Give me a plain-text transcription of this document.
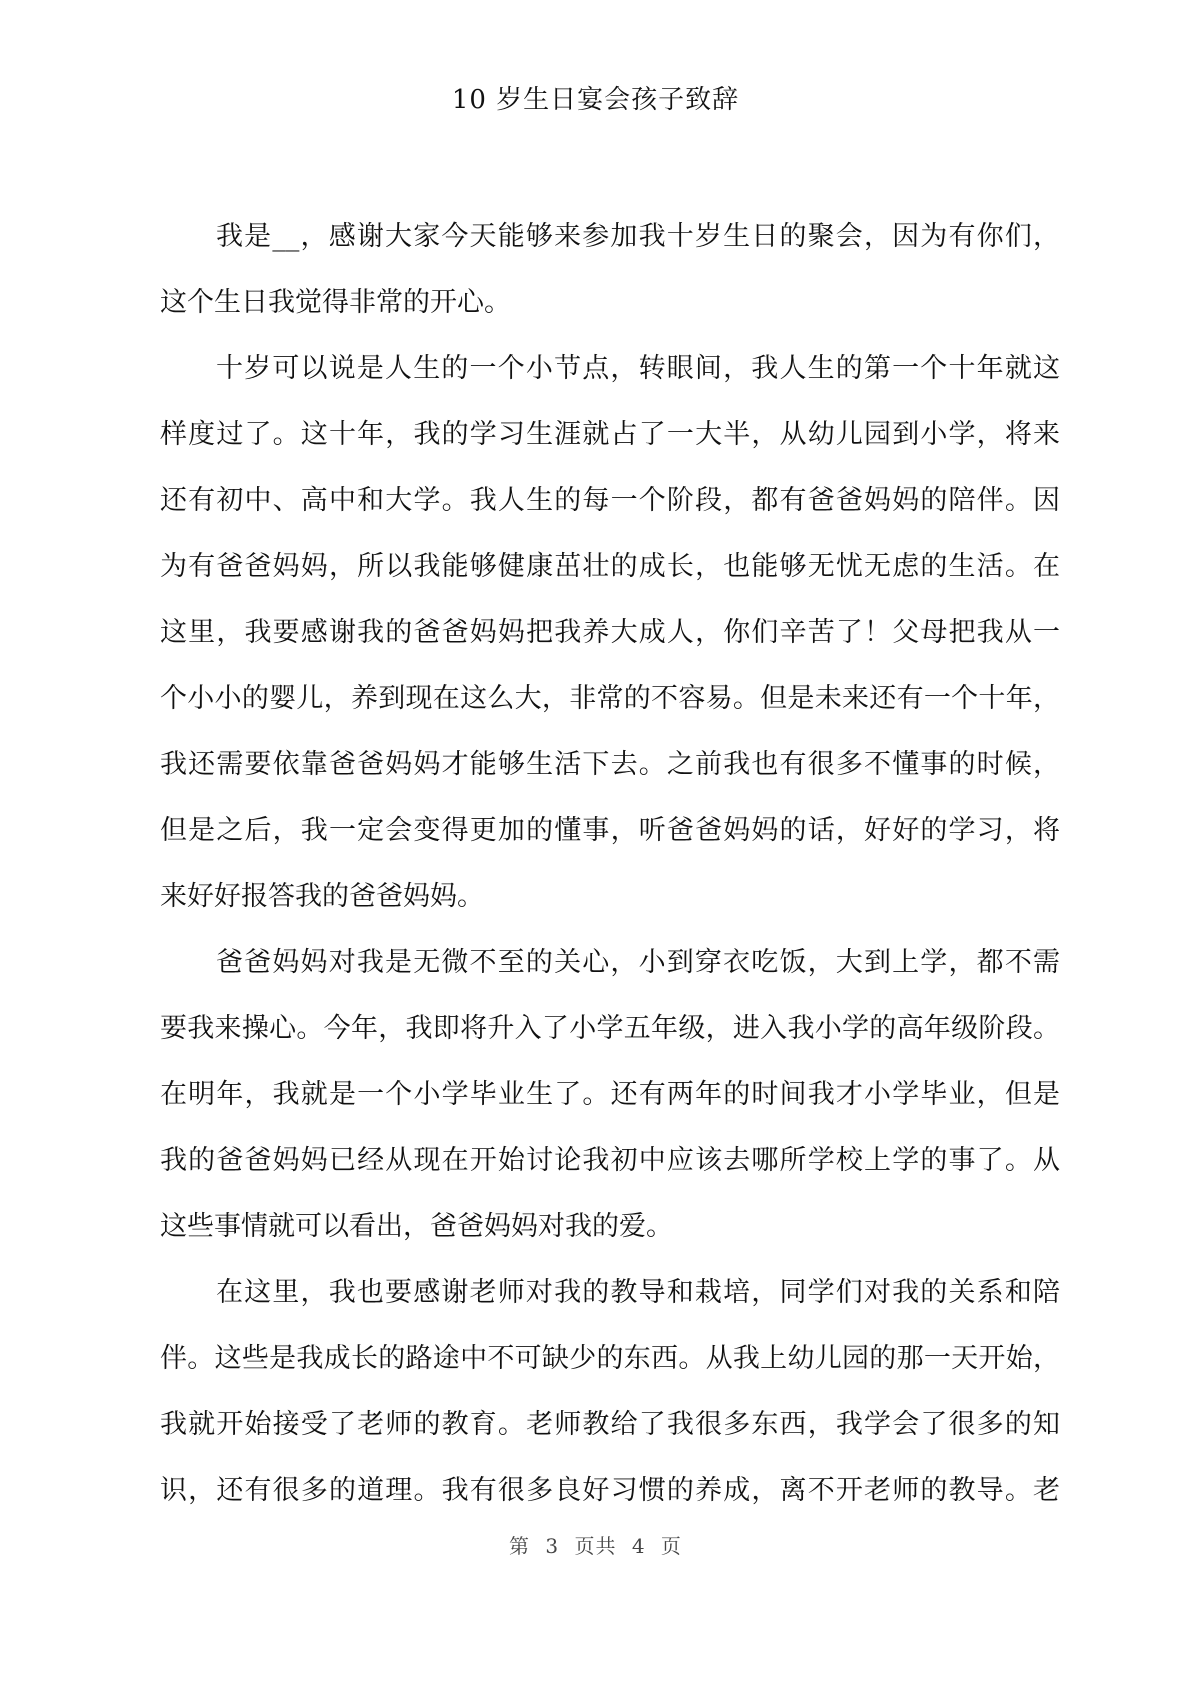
10 岁生日宴会孩子致辞
我是__，感谢大家今天能够来参加我十岁生日的聚会，因为有你们，
这个生日我觉得非常的开心。
十岁可以说是人生的一个小节点，转眼间，我人生的第一个十年就这
样度过了。这十年，我的学习生涯就占了一大半，从幼儿园到小学，将来
还有初中、高中和大学。我人生的每一个阶段，都有爸爸妈妈的陪伴。因
为有爸爸妈妈，所以我能够健康茁壮的成长，也能够无忧无虑的生活。在
这里，我要感谢我的爸爸妈妈把我养大成人，你们辛苦了！父母把我从一
个小小的婴儿，养到现在这么大，非常的不容易。但是未来还有一个十年，
我还需要依靠爸爸妈妈才能够生活下去。之前我也有很多不懂事的时候，
但是之后，我一定会变得更加的懂事，听爸爸妈妈的话，好好的学习，将
来好好报答我的爸爸妈妈。
爸爸妈妈对我是无微不至的关心，小到穿衣吃饭，大到上学，都不需
要我来操心。今年，我即将升入了小学五年级，进入我小学的高年级阶段。
在明年，我就是一个小学毕业生了。还有两年的时间我才小学毕业，但是
我的爸爸妈妈已经从现在开始讨论我初中应该去哪所学校上学的事了。从
这些事情就可以看出，爸爸妈妈对我的爱。
在这里，我也要感谢老师对我的教导和栽培，同学们对我的关系和陪
伴。这些是我成长的路途中不可缺少的东西。从我上幼儿园的那一天开始，
我就开始接受了老师的教育。老师教给了我很多东西，我学会了很多的知
识，还有很多的道理。我有很多良好习惯的养成，离不开老师的教导。老
第 3 页共 4 页
